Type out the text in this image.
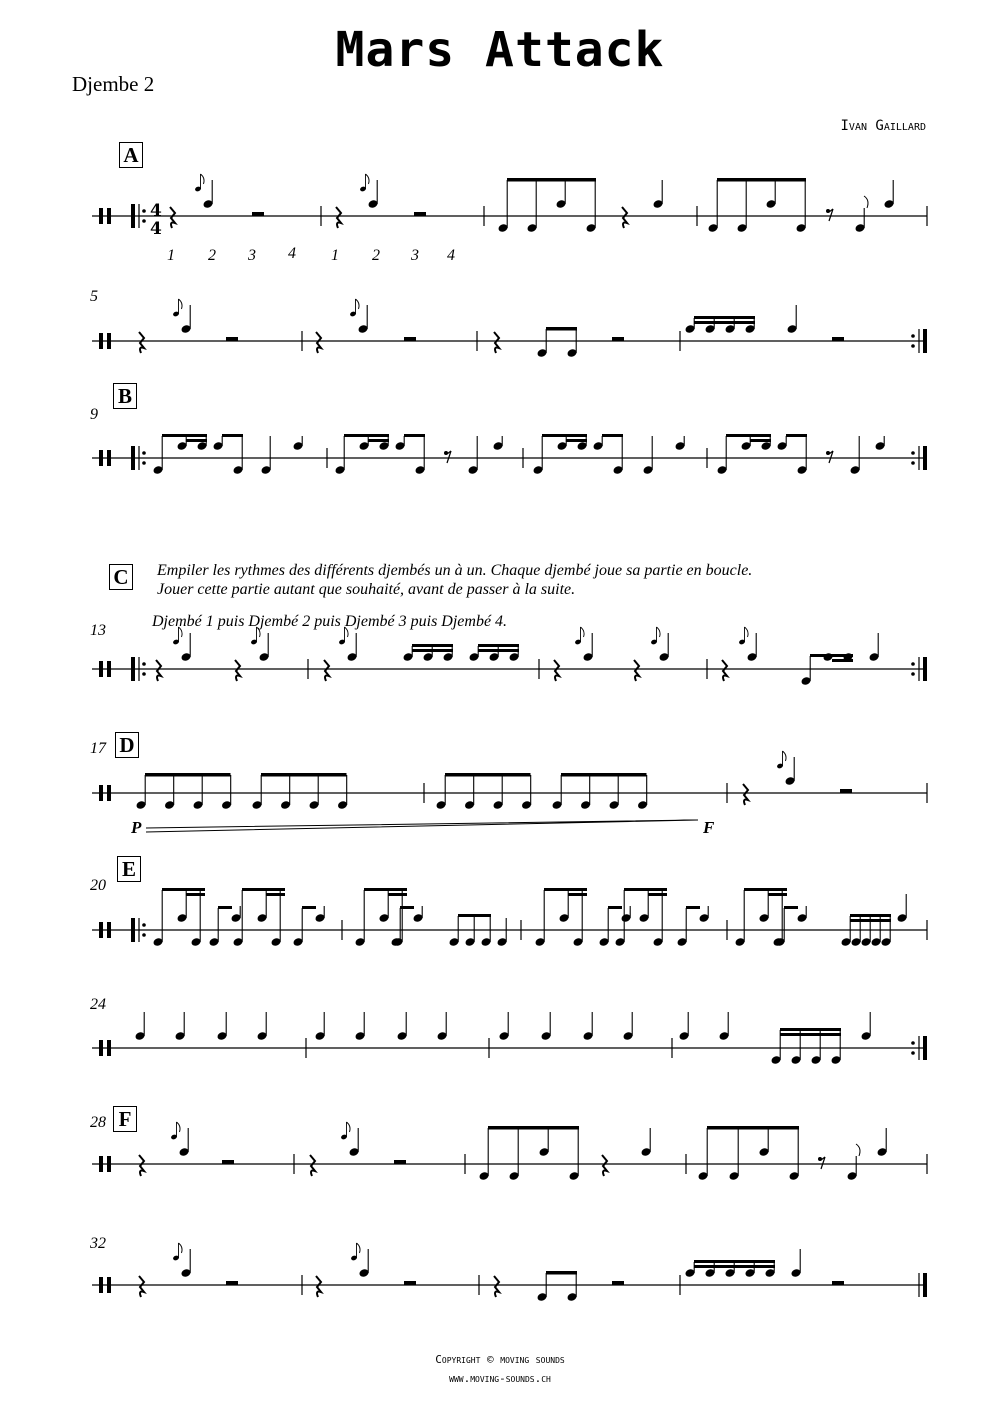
Mars Attack
Djembe 2
Ivan Gaillard
A
B
C
D
E
F
5
9
13
17
20
24
28
32
Empiler les rythmes des différents djembés un à un. Chaque djembé joue sa partie en boucle.
Jouer cette partie autant que souhaité, avant de passer à la suite.
Djembé 1 puis Djembé 2 puis Djembé 3 puis Djembé 4.
1 2 3 4 1 2 3 4
P	F
Copyright © moving sounds
www.moving-sounds.ch
4
4
